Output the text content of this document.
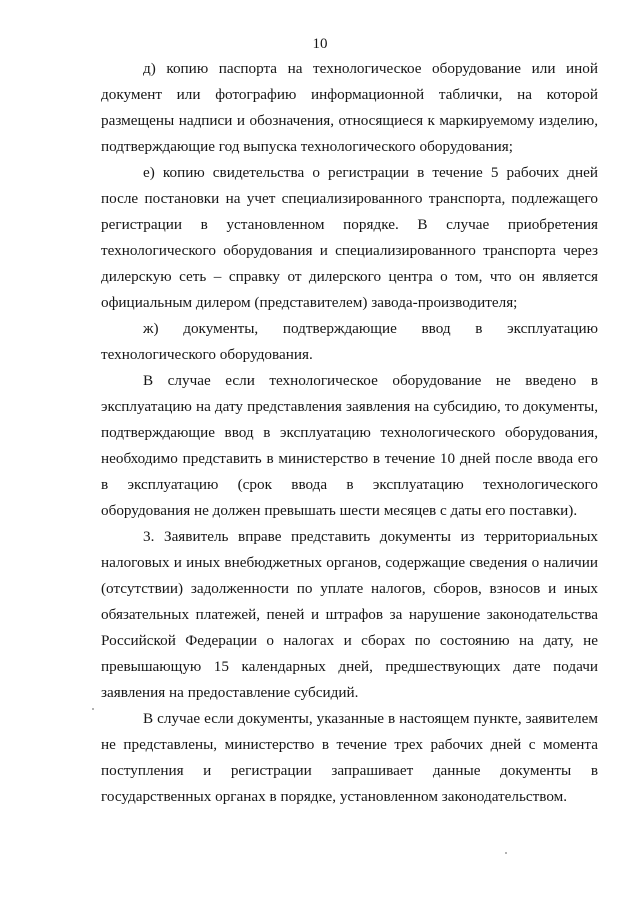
10

д) копию паспорта на технологическое оборудование или иной документ или фотографию информационной таблички, на которой размещены надписи и обозначения, относящиеся к маркируемому изделию, подтверждающие год выпуска технологического оборудования;

е) копию свидетельства о регистрации в течение 5 рабочих дней после постановки на учет специализированного транспорта, подлежащего регистрации в установленном порядке. В случае приобретения технологического оборудования и специализированного транспорта через дилерскую сеть – справку от дилерского центра о том, что он является официальным дилером (представителем) завода-производителя;

ж) документы, подтверждающие ввод в эксплуатацию технологического оборудования.

В случае если технологическое оборудование не введено в эксплуатацию на дату представления заявления на субсидию, то документы, подтверждающие ввод в эксплуатацию технологического оборудования, необходимо представить в министерство в течение 10 дней после ввода его в эксплуатацию (срок ввода в эксплуатацию технологического оборудования не должен превышать шести месяцев с даты его поставки).

3. Заявитель вправе представить документы из территориальных налоговых и иных внебюджетных органов, содержащие сведения о наличии (отсутствии) задолженности по уплате налогов, сборов, взносов и иных обязательных платежей, пеней и штрафов за нарушение законодательства Российской Федерации о налогах и сборах по состоянию на дату, не превышающую 15 календарных дней, предшествующих дате подачи заявления на предоставление субсидий.

В случае если документы, указанные в настоящем пункте, заявителем не представлены, министерство в течение трех рабочих дней с момента поступления и регистрации запрашивает данные документы в государственных органах в порядке, установленном законодательством.
